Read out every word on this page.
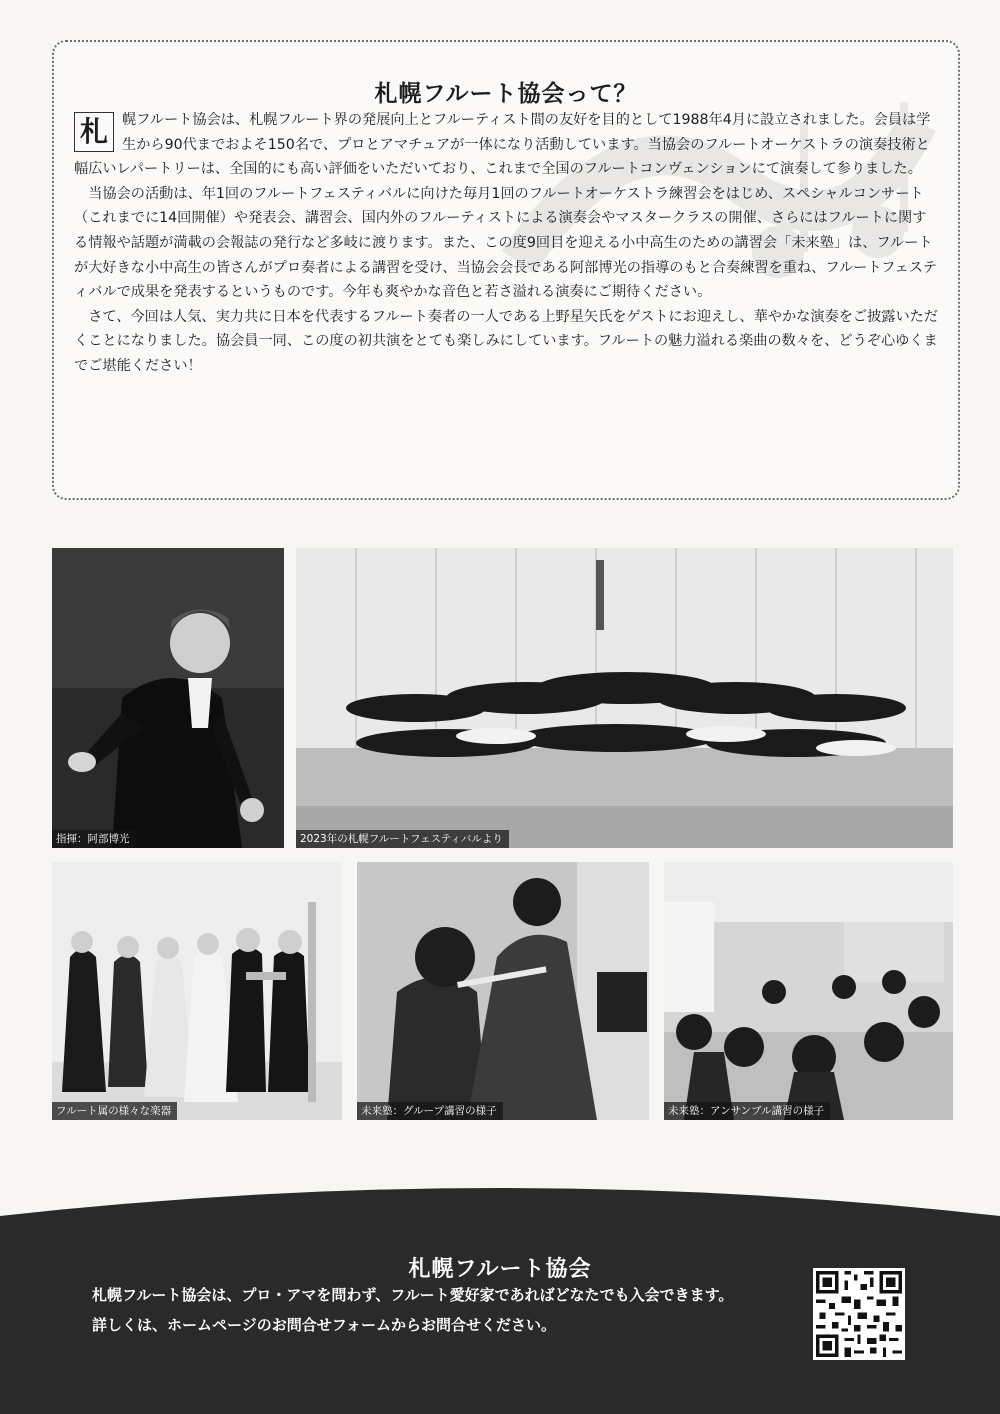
札幌フルート協会って？

札 幌フルート協会は、札幌フルート界の発展向上とフルーティスト間の友好を目的として1988年4月に設立されました。会員は学生から90代までおよそ150名で、プロとアマチュアが一体になり活動しています。当協会のフルートオーケストラの演奏技術と幅広いレパートリーは、全国的にも高い評価をいただいており、これまで全国のフルートコンヴェンションにて演奏して参りました。

当協会の活動は、年1回のフルートフェスティバルに向けた毎月1回のフルートオーケストラ練習会をはじめ、スペシャルコンサート（これまでに14回開催）や発表会、講習会、国内外のフルーティストによる演奏会やマスタークラスの開催、さらにはフルートに関する情報や話題が満載の会報誌の発行など多岐に渡ります。また、この度9回目を迎える小中高生のための講習会「未来塾」は、フルートが大好きな小中高生の皆さんがプロ奏者による講習を受け、当協会会長である阿部博光の指導のもと合奏練習を重ね、フルートフェスティバルで成果を発表するというものです。今年も爽やかな音色と若さ溢れる演奏にご期待ください。

さて、今回は人気、実力共に日本を代表するフルート奏者の一人である上野星矢氏をゲストにお迎えし、華やかな演奏をご披露いただくことになりました。協会員一同、この度の初共演をとても楽しみにしています。フルートの魅力溢れる楽曲の数々を、どうぞ心ゆくまでご堪能ください！

指揮：阿部博光	2023年の札幌フルートフェスティバルより
フルート属の様々な楽器	未来塾：グループ講習の様子	未来塾：アンサンブル講習の様子
札幌フルート協会
札幌フルート協会は、プロ・アマを問わず、フルート愛好家であればどなたでも入会できます。
詳しくは、ホームページのお問合せフォームからお問合せください。
